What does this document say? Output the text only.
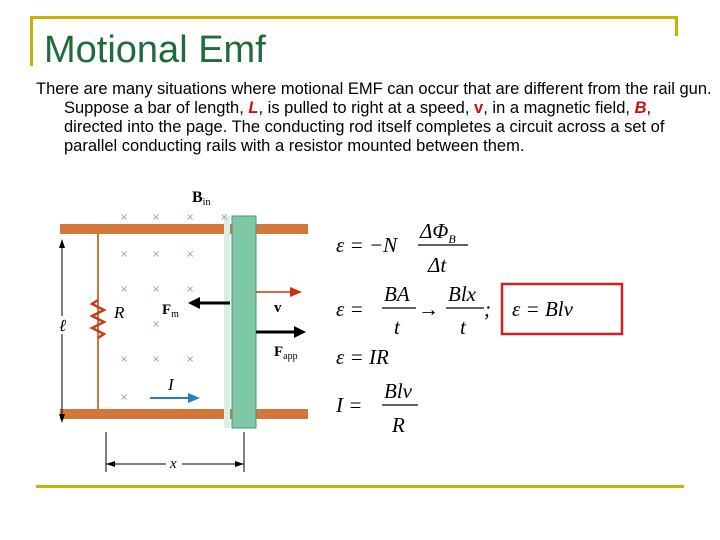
Motional Emf
There are many situations where motional EMF can occur that are different from the rail gun. Suppose a bar of length, L, is pulled to right at a speed, v, in a magnetic field, B, directed into the page. The conducting rod itself completes a circuit across a set of parallel conducting rails with a resistor mounted between them.
ℓ
x
× ×	×	×
× ×	×
× ×	×
×
× ×	×
×
Bin
R	$F_m$	v
$F_{app}$
I
ε = −N
$\Delta\Phi_B$
Δt
ε =
BA
t
→
Blx
t
; ε = Blv
ε = IR
I =
Blv
R
